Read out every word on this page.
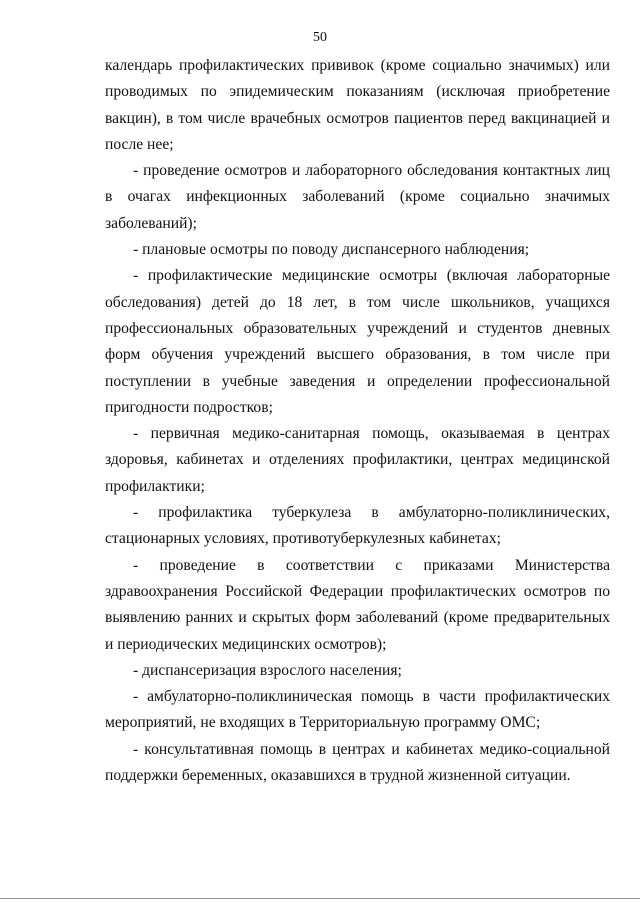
50

календарь профилактических прививок (кроме социально значимых) или проводимых по эпидемическим показаниям (исключая приобретение вакцин), в том числе врачебных осмотров пациентов перед вакцинацией и после нее;

- проведение осмотров и лабораторного обследования контактных лиц в очагах инфекционных заболеваний (кроме социально значимых заболеваний);

- плановые осмотры по поводу диспансерного наблюдения;

- профилактические медицинские осмотры (включая лабораторные обследования) детей до 18 лет, в том числе школьников, учащихся профессиональных образовательных учреждений и студентов дневных форм обучения учреждений высшего образования, в том числе при поступлении в учебные заведения и определении профессиональной пригодности подростков;

- первичная медико-санитарная помощь, оказываемая в центрах здоровья, кабинетах и отделениях профилактики, центрах медицинской профилактики;

- профилактика туберкулеза в амбулаторно-поликлинических, стационарных условиях, противотуберкулезных кабинетах;

- проведение в соответствии с приказами Министерства здравоохранения Российской Федерации профилактических осмотров по выявлению ранних и скрытых форм заболеваний (кроме предварительных и периодических медицинских осмотров);

- диспансеризация взрослого населения;

- амбулаторно-поликлиническая помощь в части профилактических мероприятий, не входящих в Территориальную программу ОМС;

- консультативная помощь в центрах и кабинетах медико-социальной поддержки беременных, оказавшихся в трудной жизненной ситуации.
